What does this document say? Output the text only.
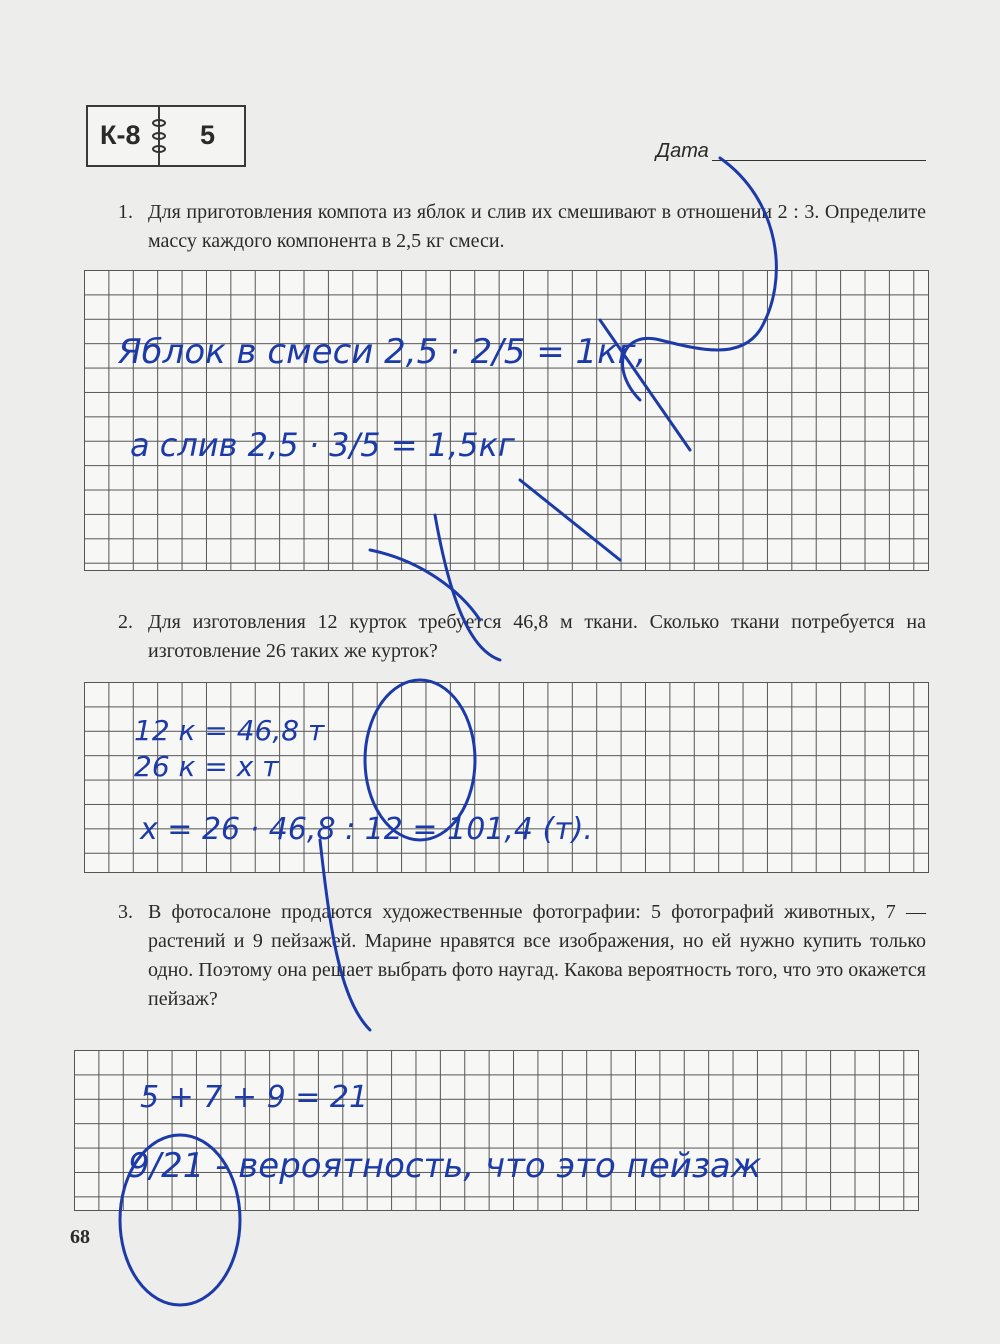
К-8 5
Дата
1. Для приготовления компота из яблок и слив их смешивают в отношении 2 : 3. Определите массу каждого компонента в 2,5 кг смеси.
Яблок в смеси 2,5 · 2/5 = 1кг,
а слив 2,5 · 3/5 = 1,5кг
2. Для изготовления 12 курток требуется 46,8 м ткани. Сколько ткани потребуется на изготовление 26 таких же курток?
12 к = 46,8 т
26 к = х т
х = 26 · 46,8 : 12 = 101,4 (т).
3. В фотосалоне продаются художественные фотографии: 5 фотографий животных, 7 — растений и 9 пейзажей. Марине нравятся все изображения, но ей нужно купить только одно. Поэтому она решает выбрать фото наугад. Какова вероятность того, что это окажется пейзаж?
5 + 7 + 9 = 21
9/21 - вероятность, что это пейзаж
68
